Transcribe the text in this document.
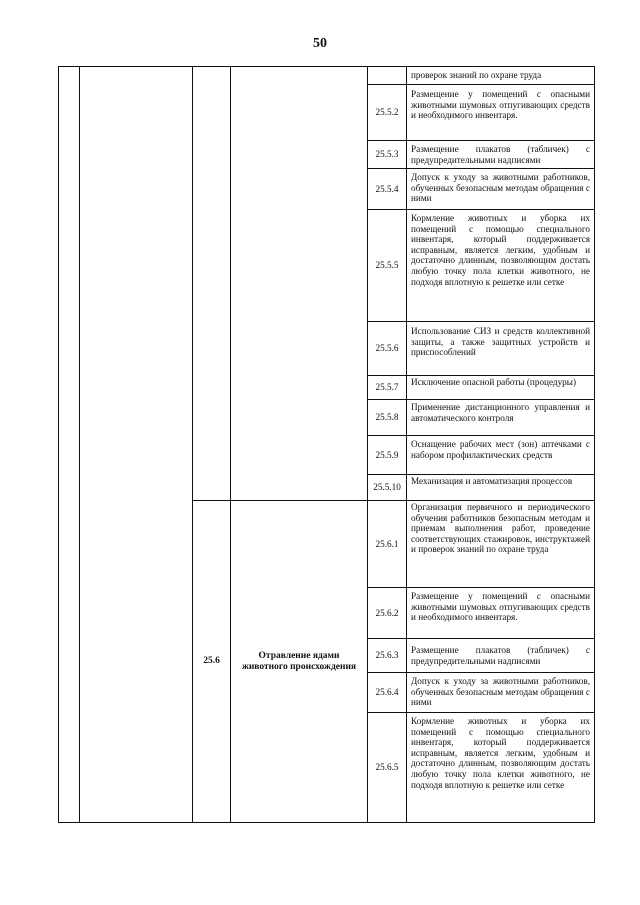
50
25.6
Отравление ядами животного происхождения
проверок знаний по охране труда
25.5.2
Размещение у помещений с опасными животными шумовых отпугивающих средств и необходимого инвентаря.
25.5.3
Размещение плакатов (табличек) с предупредительными надписями
25.5.4
Допуск к уходу за животными работников, обученных безопасным методам обращения с ними
25.5.5
Кормление животных и уборка их помещений с помощью специального инвентаря, который поддерживается исправным, является легким, удобным и достаточно длинным, позволяющим достать любую точку пола клетки животного, не подходя вплотную к решетке или сетке
25.5.6
Использование СИЗ и средств коллективной защиты, а также защитных устройств и приспособлений
25.5.7
Исключение опасной работы (процедуры)
25.5.8
Применение дистанционного управления и автоматического контроля
25.5.9
Оснащение рабочих мест (зон) аптечками с набором профилактических средств
25.5.10
Механизация и автоматизация процессов
25.6.1
Организация первичного и периодического обучения работников безопасным методам и приемам выполнения работ, проведение соответствующих стажировок, инструктажей и проверок знаний по охране труда
25.6.2
Размещение у помещений с опасными животными шумовых отпугивающих средств и необходимого инвентаря.
25.6.3
Размещение плакатов (табличек) с предупредительными надписями
25.6.4
Допуск к уходу за животными работников, обученных безопасным методам обращения с ними
25.6.5
Кормление животных и уборка их помещений с помощью специального инвентаря, который поддерживается исправным, является легким, удобным и достаточно длинным, позволяющим достать любую точку пола клетки животного, не подходя вплотную к решетке или сетке
